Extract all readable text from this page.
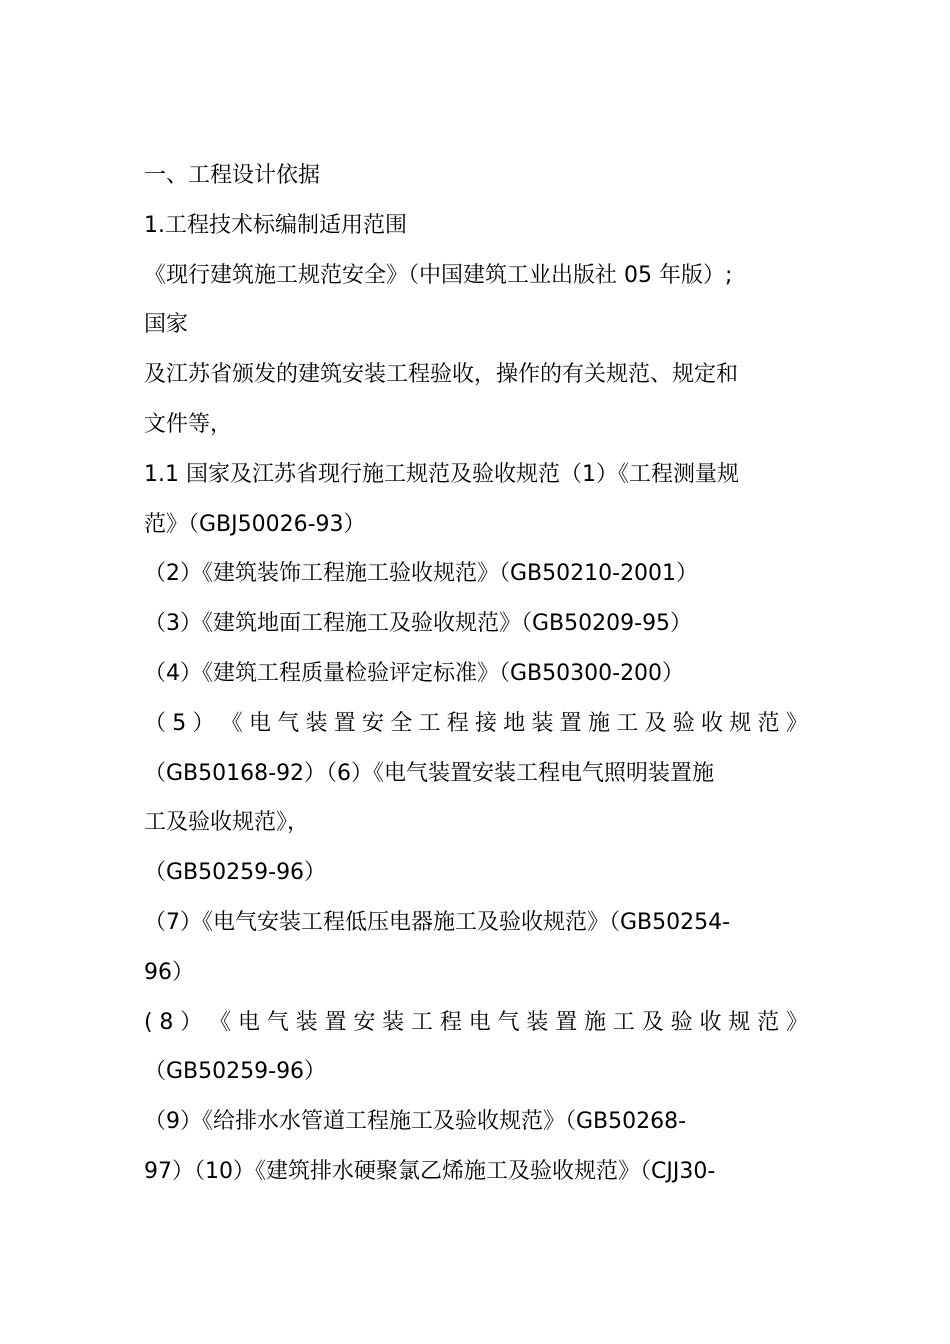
一、工程设计依据
1.工程技术标编制适用范围
《现行建筑施工规范安全》（中国建筑工业出版社 05 年版）;
国家
及江苏省颁发的建筑安装工程验收，操作的有关规范、规定和
文件等，
1.1 国家及江苏省现行施工规范及验收规范（1）《工程测量规
范》（GBJ50026-93）
（2）《建筑装饰工程施工验收规范》（GB50210-2001）
（3）《建筑地面工程施工及验收规范》（GB50209-95）
（4）《建筑工程质量检验评定标准》（GB50300-200）
（ 5 ） 《 电 气 装 置 安 全 工 程 接 地 装 置 施 工 及 验 收 规 范 》
（GB50168-92）（6）《电气装置安装工程电气照明装置施
工及验收规范》，
（GB50259-96）
（7）《电气安装工程低压电器施工及验收规范》（GB50254-
96）
( 8 ） 《 电 气 装 置 安 装 工 程 电 气 装 置 施 工 及 验 收 规 范 》
（GB50259-96）
（9）《给排水水管道工程施工及验收规范》（GB50268-
97）（10）《建筑排水硬聚氯乙烯施工及验收规范》（CJJ30-
